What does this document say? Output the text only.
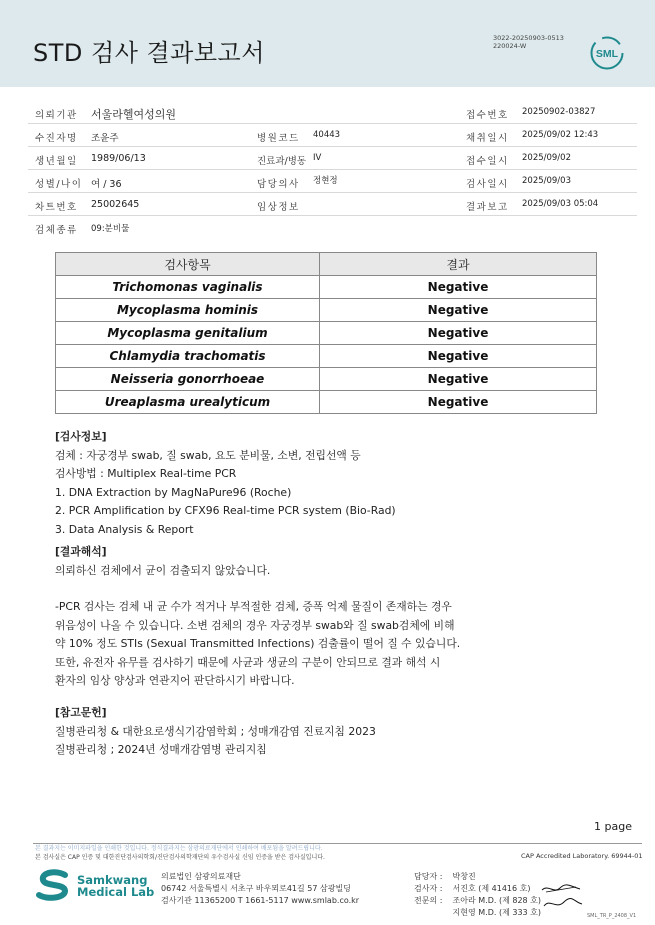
STD 검사 결과보고서
3022-20250903-0513
220024-W
SML
의뢰기관 서울라헬여성의원	접수번호 20250902-03827
수진자명 조윤주	병원코드 40443	채취일시 2025/09/02 12:43
생년월일 1989/06/13	진료과/병동 IV	접수일시 2025/09/02
성별/나이 여 / 36	담당의사 정현정	검사일시 2025/09/03
차트번호 25002645	임상정보	결과보고 2025/09/03 05:04
검체종류 09:분비물
검사항목	결과
Trichomonas vaginalis	Negative
Mycoplasma hominis	Negative
Mycoplasma genitalium	Negative
Chlamydia trachomatis	Negative
Neisseria gonorrhoeae	Negative
Ureaplasma urealyticum	Negative
[검사정보]
검체 : 자궁경부 swab, 질 swab, 요도 분비물, 소변, 전립선액 등
검사방법 : Multiplex Real-time PCR
1. DNA Extraction by MagNaPure96 (Roche)
2. PCR Amplification by CFX96 Real-time PCR system (Bio-Rad)
3. Data Analysis & Report
[결과해석]
의뢰하신 검체에서 균이 검출되지 않았습니다.
-PCR 검사는 검체 내 균 수가 적거나 부적절한 검체, 증폭 억제 물질이 존재하는 경우
위음성이 나올 수 있습니다. 소변 검체의 경우 자궁경부 swab와 질 swab검체에 비해
약 10% 정도 STIs (Sexual Transmitted Infections) 검출률이 떨어 질 수 있습니다.
또한, 유전자 유무를 검사하기 때문에 사균과 생균의 구분이 안되므로 결과 해석 시
환자의 임상 양상과 연관지어 판단하시기 바랍니다.
[참고문헌]
질병관리청 & 대한요로생식기감염학회 ; 성매개감염 진료지침 2023
질병관리청 ; 2024년 성매개감염병 관리지침
1 page
본 결과지는 이미지파일을 인쇄한 것입니다. 정식결과지는 삼광의료재단에서 인쇄하여 배포됨을 알려드립니다.
본 검사실은 CAP 인증 및 대한진단검사의학회/진단검사의학재단의 우수검사실 신임 인증을 받은 검사실입니다.	CAP Accredited Laboratory. 69944-01
Samkwang
Medical Lab
의료법인 삼광의료재단
06742 서울특별시 서초구 바우뫼로41길 57 삼광빌딩
검사기관 11365200 T 1661-5117 www.smlab.co.kr
담당자 : 박창진
검사자 : 서진호 (제 41416 호)
전문의 : 조아라 M.D. (제 828 호)
지현영 M.D. (제 333 호)	SML_TR_P_2408_V1
